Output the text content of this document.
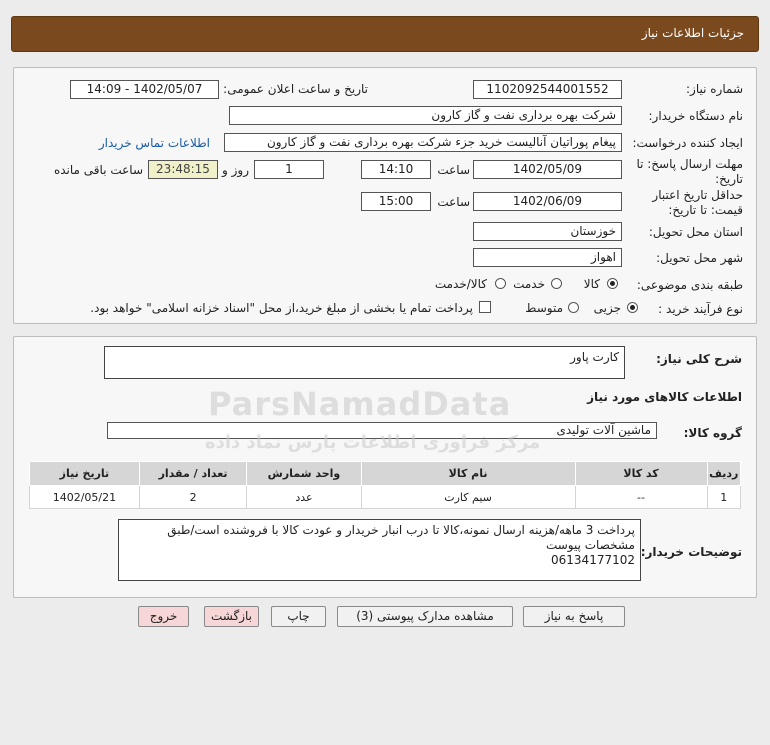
جزئیات اطلاعات نیاز
شماره نیاز:
1102092544001552
تاریخ و ساعت اعلان عمومی:
1402/05/07 - 14:09
نام دستگاه خریدار:
شرکت بهره برداری نفت و گاز کارون
ایجاد کننده درخواست:
پیغام پوراتیان آنالیست خرید جزء شرکت بهره برداری نفت و گاز کارون
اطلاعات تماس خریدار
مهلت ارسال پاسخ: تا تاریخ:
1402/05/09
ساعت
14:10
1
روز و
23:48:15
ساعت باقی مانده
حداقل تاریخ اعتبار قیمت: تا تاریخ:
1402/06/09
ساعت
15:00
استان محل تحویل:
خوزستان
شهر محل تحویل:
اهواز
طبقه بندی موضوعی:
کالا
خدمت
کالا/خدمت
نوع فرآیند خرید :
جزیی
متوسط
پرداخت تمام یا بخشی از مبلغ خرید،از محل "اسناد خزانه اسلامی" خواهد بود.
شرح کلی نیاز:
کارت پاور
اطلاعات کالاهای مورد نیاز
گروه کالا:
ماشین آلات تولیدی
ردیف	کد کالا	نام کالا	واحد شمارش	تعداد / مقدار	تاریخ نیاز
1	--	سیم کارت	عدد	2	1402/05/21
توضیحات خریدار:
پرداخت 3 ماهه/هزینه ارسال نمونه،کالا تا درب انبار خریدار و عودت کالا با فروشنده است/طبق مشخصات پیوست
06134177102
پاسخ به نیاز
مشاهده مدارک پیوستی (3)
چاپ
بازگشت
خروج
ParsNamadData
مرکز فراوری اطلاعات پارس نماد داده
